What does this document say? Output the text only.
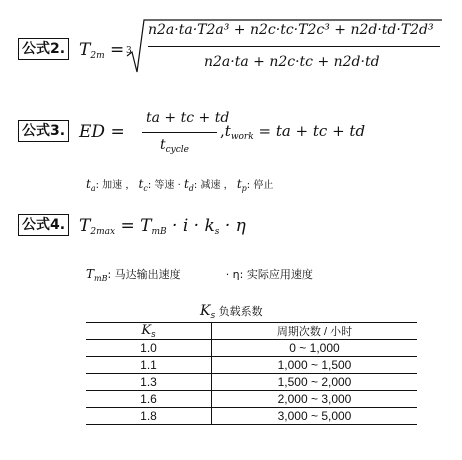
公式2. $T_{2m} = 3$
n2a·ta·T2a³ + n2c·tc·T2c³ + n2d·td·T2d³
n2a·ta + n2c·tc + n2d·td
公式3. ED =
ta + tc + td
$t_{cycle}$
$,t_{work}$ = ta + tc + td
$t_a$: 加速 ， $t_c$: 等速 · $t_d$: 减速 ， $t_p$: 停止
公式4. $T_{2max} = T_{mB} \cdot i \cdot k_s \cdot \eta$
$T_{mB}$: 马达输出速度	· η: 实际应用速度
$K_s$ 负载系数
$K_s$	周期次数 / 小时
1.0	0 ~ 1,000
1.1	1,000 ~ 1,500
1.3	1,500 ~ 2,000
1.6	2,000 ~ 3,000
1.8	3,000 ~ 5,000
